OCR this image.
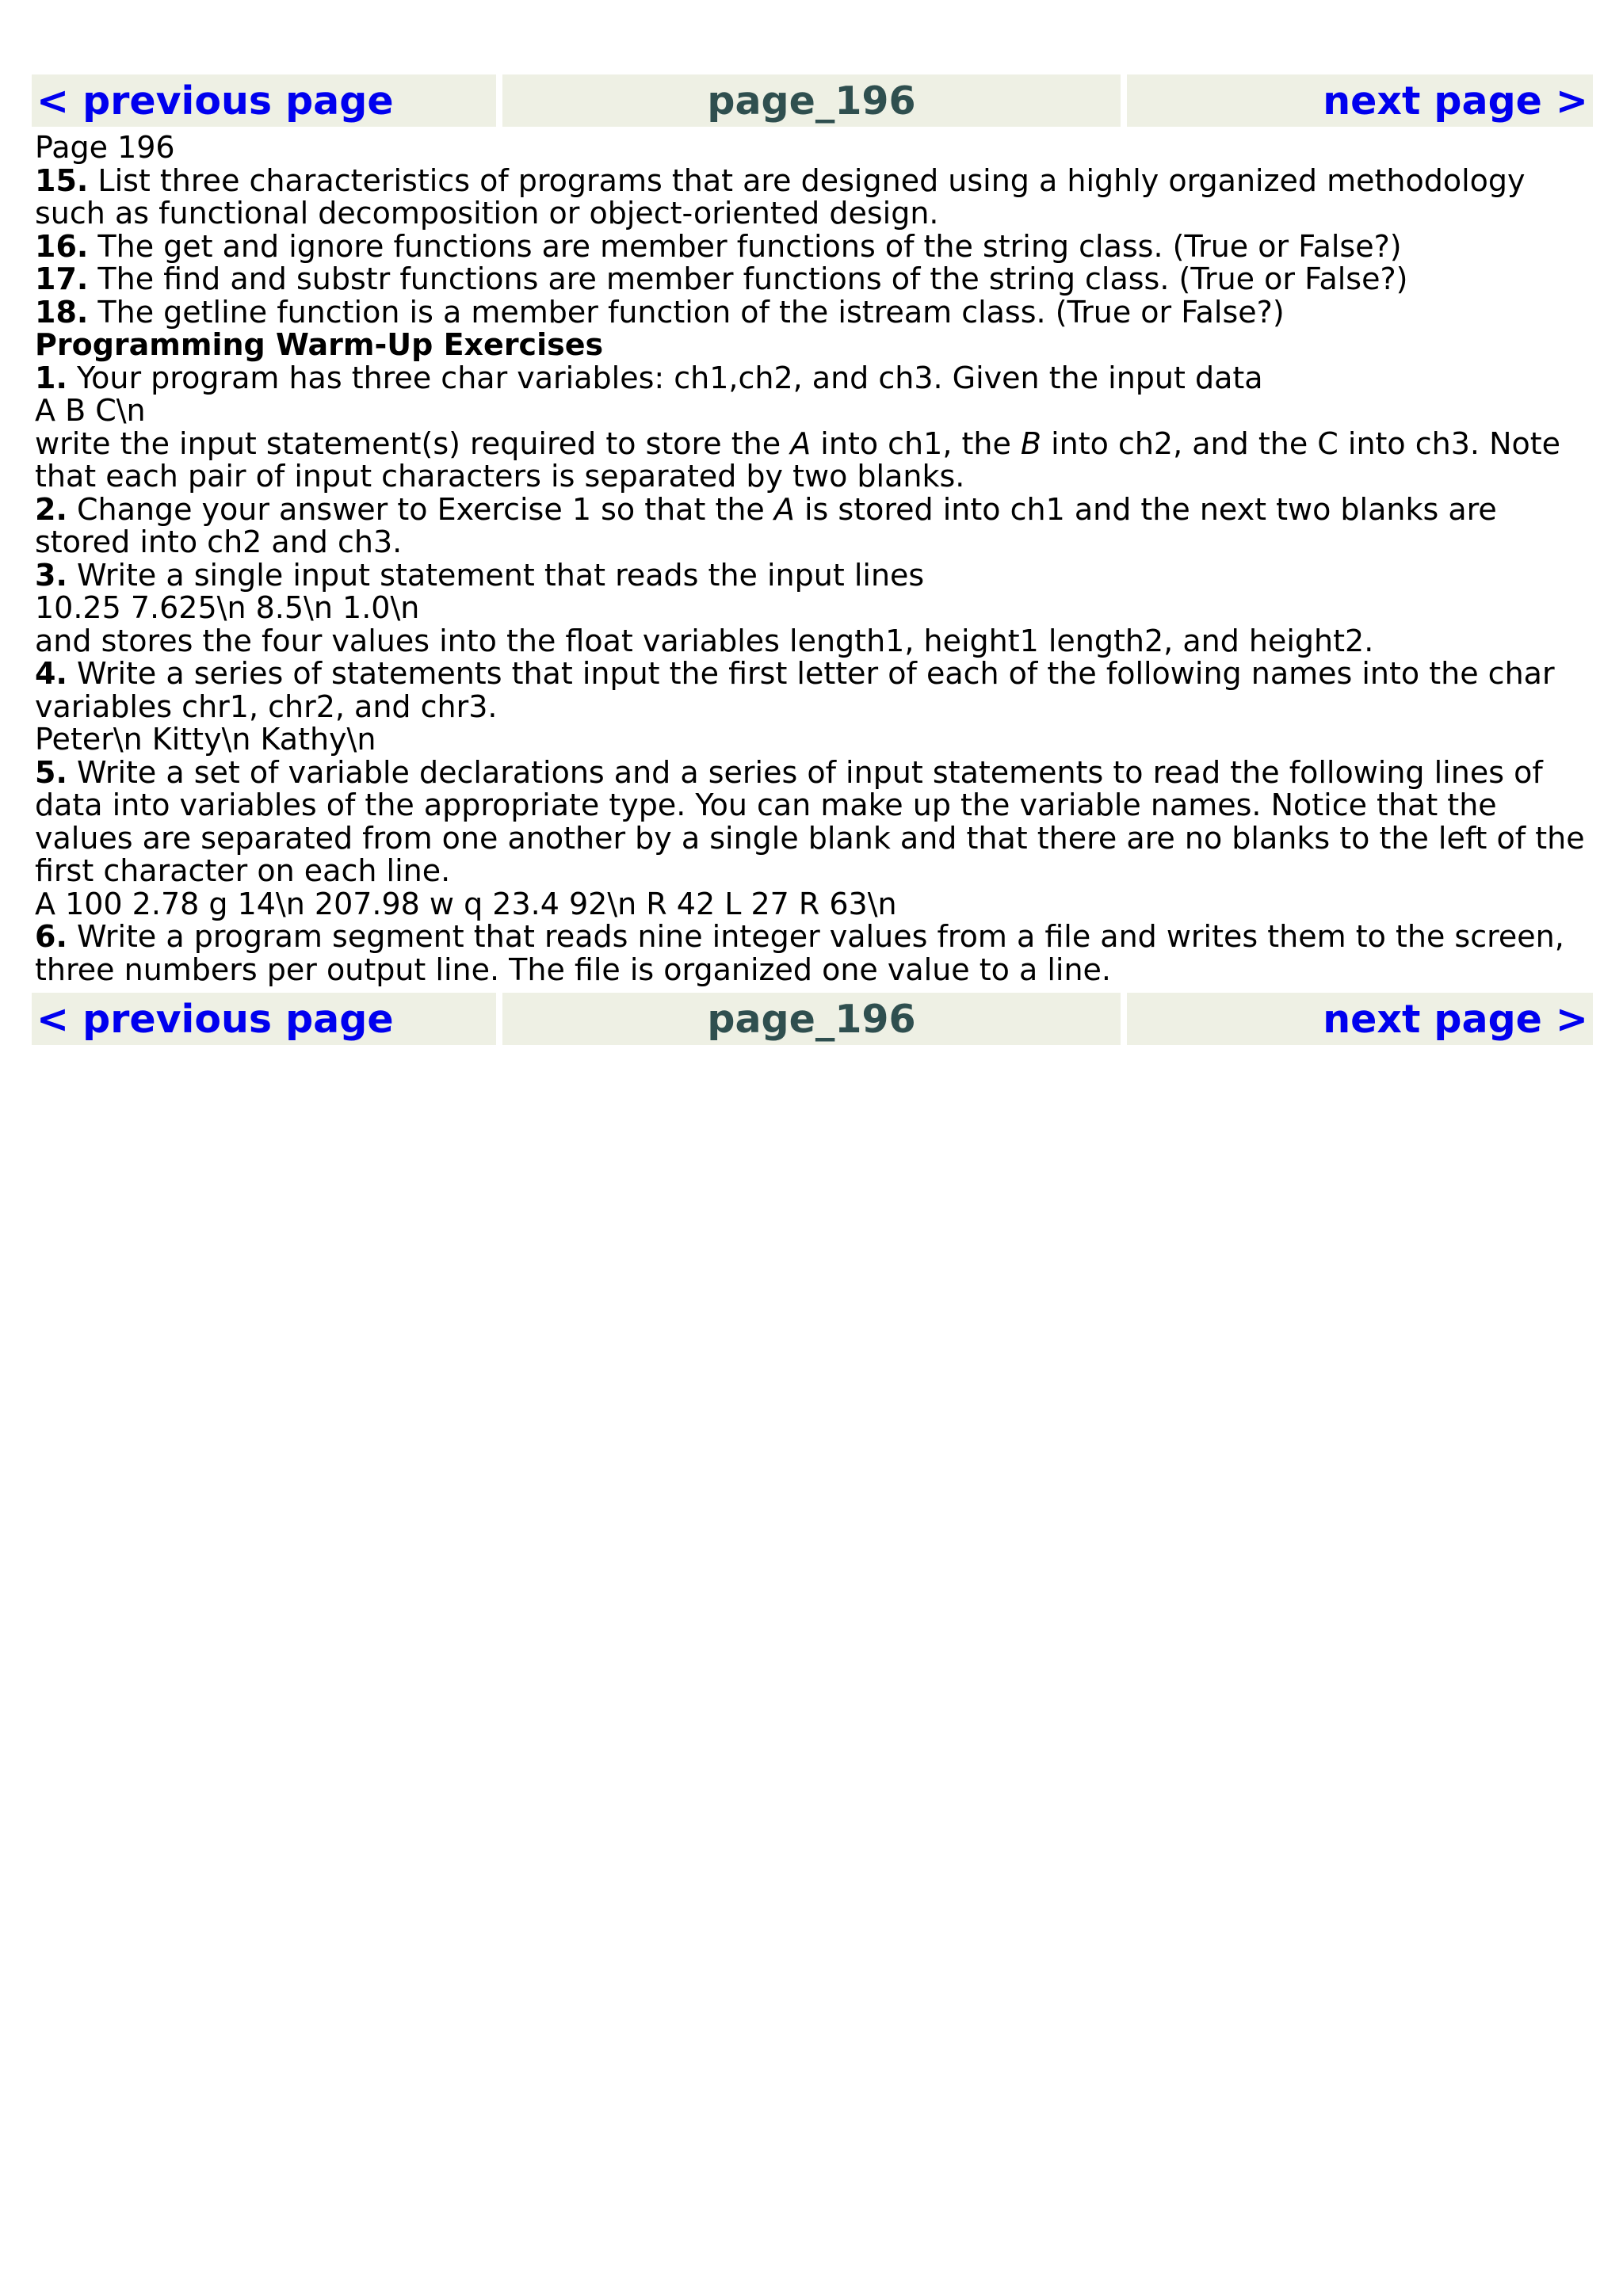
< previous page	page_196	next page >

Page 196

15. List three characteristics of programs that are designed using a highly organized methodology such as functional decomposition or object-oriented design.

16. The get and ignore functions are member functions of the string class. (True or False?)

17. The find and substr functions are member functions of the string class. (True or False?)

18. The getline function is a member function of the istream class. (True or False?)

Programming Warm-Up Exercises

1. Your program has three char variables: ch1,ch2, and ch3. Given the input data

A B C\n

write the input statement(s) required to store the A into ch1, the B into ch2, and the C into ch3. Note that each pair of input characters is separated by two blanks.

2. Change your answer to Exercise 1 so that the A is stored into ch1 and the next two blanks are stored into ch2 and ch3.

3. Write a single input statement that reads the input lines

10.25 7.625\n 8.5\n 1.0\n

and stores the four values into the float variables length1, height1 length2, and height2.

4. Write a series of statements that input the first letter of each of the following names into the char variables chr1, chr2, and chr3.

Peter\n Kitty\n Kathy\n

5. Write a set of variable declarations and a series of input statements to read the following lines of data into variables of the appropriate type. You can make up the variable names. Notice that the values are separated from one another by a single blank and that there are no blanks to the left of the first character on each line.

A 100 2.78 g 14\n 207.98 w q 23.4 92\n R 42 L 27 R 63\n

6. Write a program segment that reads nine integer values from a file and writes them to the screen, three numbers per output line. The file is organized one value to a line.

< previous page	page_196	next page >
